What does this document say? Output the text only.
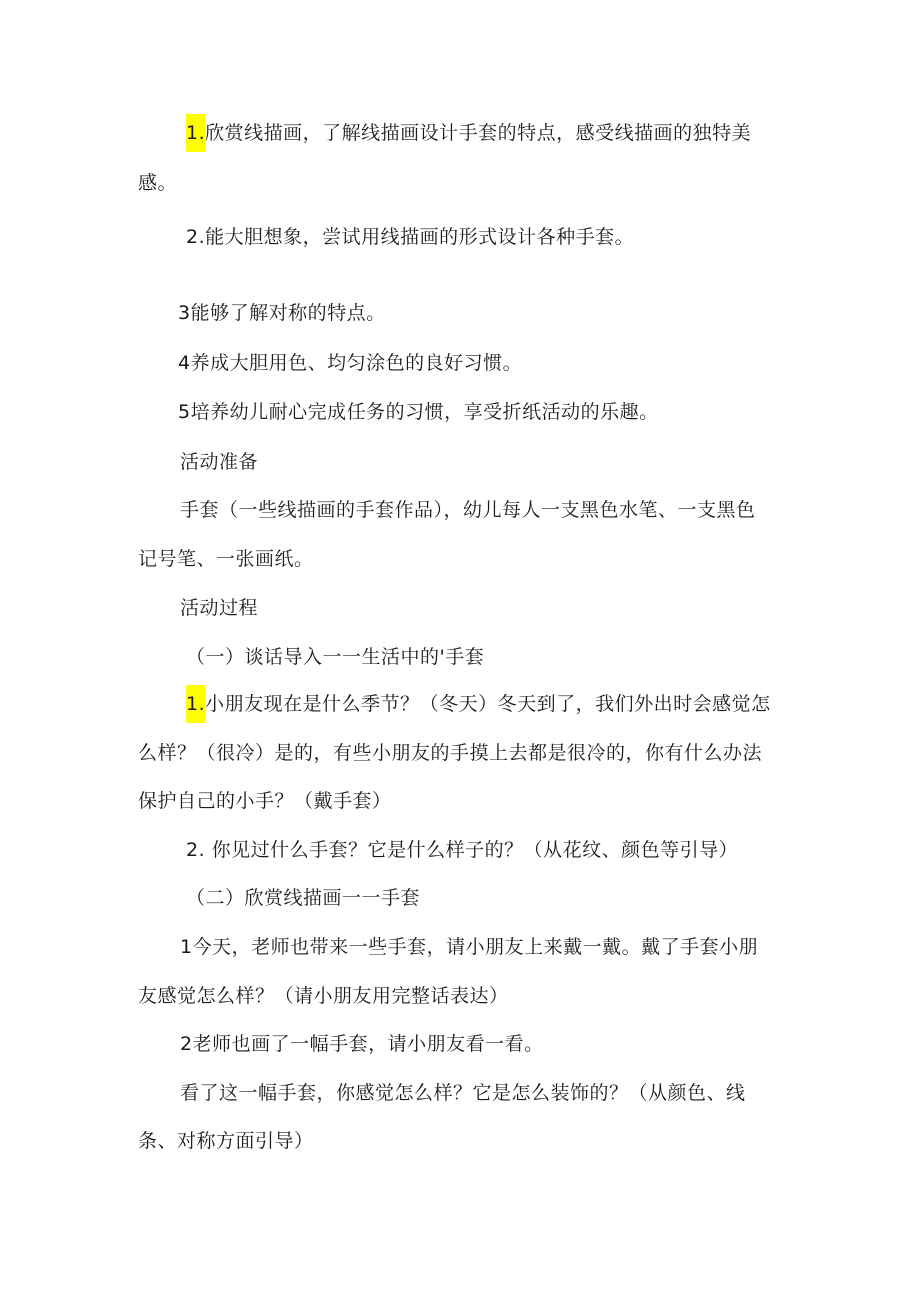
1.欣赏线描画，了解线描画设计手套的特点，感受线描画的独特美
感。
2.能大胆想象，尝试用线描画的形式设计各种手套。
3能够了解对称的特点。
4养成大胆用色、均匀涂色的良好习惯。
5培养幼儿耐心完成任务的习惯，享受折纸活动的乐趣。
活动准备
手套（一些线描画的手套作品），幼儿每人一支黑色水笔、一支黑色
记号笔、一张画纸。
活动过程
（一）谈话导入一一生活中的'手套
1.小朋友现在是什么季节？（冬天）冬天到了，我们外出时会感觉怎
么样？（很冷）是的，有些小朋友的手摸上去都是很冷的，你有什么办法
保护自己的小手？（戴手套）
2. 你见过什么手套？它是什么样子的？（从花纹、颜色等引导）
（二）欣赏线描画一一手套
1今天，老师也带来一些手套，请小朋友上来戴一戴。戴了手套小朋
友感觉怎么样？（请小朋友用完整话表达）
2老师也画了一幅手套，请小朋友看一看。
看了这一幅手套，你感觉怎么样？它是怎么装饰的？（从颜色、线
条、对称方面引导）
